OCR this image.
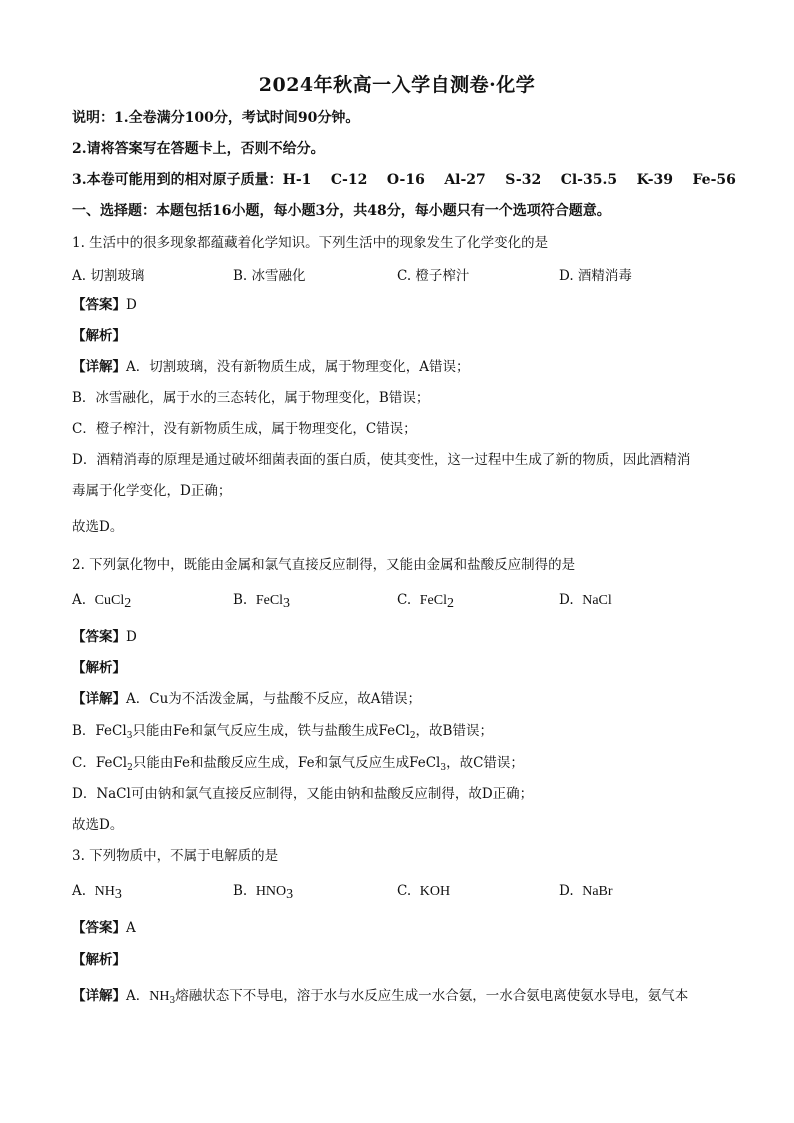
2024年秋高一入学自测卷·化学
说明：1.全卷满分100分，考试时间90分钟。
2.请将答案写在答题卡上，否则不给分。
3.本卷可能用到的相对原子质量：H-1    C-12    O-16    Al-27    S-32    Cl-35.5    K-39    Fe-56
一、选择题：本题包括16小题，每小题3分，共48分，每小题只有一个选项符合题意。
1. 生活中的很多现象都蕴藏着化学知识。下列生活中的现象发生了化学变化的是
A. 切割玻璃	B. 冰雪融化	C. 橙子榨汁	D. 酒精消毒
【答案】D
【解析】
【详解】A．切割玻璃，没有新物质生成，属于物理变化，A错误；
B．冰雪融化，属于水的三态转化，属于物理变化，B错误；
C．橙子榨汁，没有新物质生成，属于物理变化，C错误；
D．酒精消毒的原理是通过破坏细菌表面的蛋白质，使其变性，这一过程中生成了新的物质，因此酒精消
毒属于化学变化，D正确；
故选D。
2. 下列氯化物中，既能由金属和氯气直接反应制得，又能由金属和盐酸反应制得的是
A. CuCl$_2$	B. FeCl$_3$	C. FeCl$_2$	D. NaCl
【答案】D
【解析】
【详解】A．Cu为不活泼金属，与盐酸不反应，故A错误；
B．FeCl$_3$只能由Fe和氯气反应生成，铁与盐酸生成FeCl$_2$，故B错误；
C．FeCl$_2$只能由Fe和盐酸反应生成，Fe和氯气反应生成FeCl$_3$，故C错误；
D．NaCl可由钠和氯气直接反应制得，又能由钠和盐酸反应制得，故D正确；
故选D。
3. 下列物质中，不属于电解质的是
A. $NH_3$	B. $HNO_3$	C. KOH	D. NaBr
【答案】A
【解析】
【详解】A．$NH_3$熔融状态下不导电，溶于水与水反应生成一水合氨，一水合氨电离使氨水导电，氨气本
